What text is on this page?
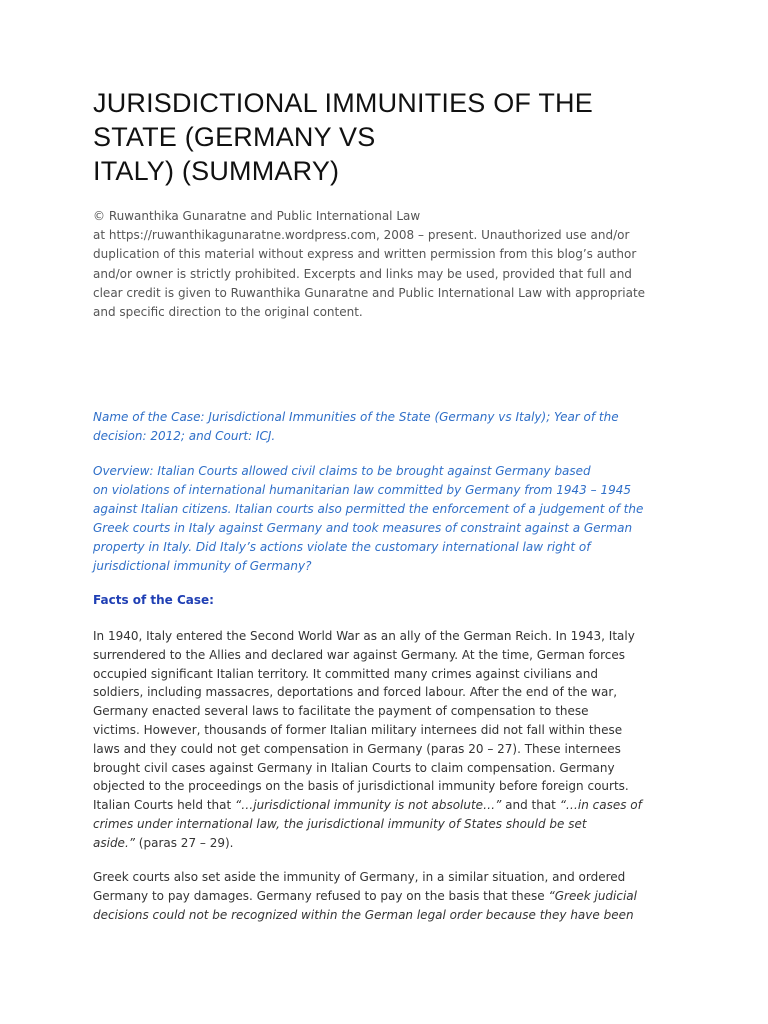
JURISDICTIONAL IMMUNITIES OF THE
STATE (GERMANY VS
ITALY) (SUMMARY)

© Ruwanthika Gunaratne and Public International Law
at https://ruwanthikagunaratne.wordpress.com, 2008 – present. Unauthorized use and/or
duplication of this material without express and written permission from this blog’s author
and/or owner is strictly prohibited. Excerpts and links may be used, provided that full and
clear credit is given to Ruwanthika Gunaratne and Public International Law with appropriate
and specific direction to the original content.

Name of the Case: Jurisdictional Immunities of the State (Germany vs Italy); Year of the
decision: 2012; and Court: ICJ.

Overview: Italian Courts allowed civil claims to be brought against Germany based
on violations of international humanitarian law committed by Germany from 1943 – 1945
against Italian citizens. Italian courts also permitted the enforcement of a judgement of the
Greek courts in Italy against Germany and took measures of constraint against a German
property in Italy. Did Italy’s actions violate the customary international law right of
jurisdictional immunity of Germany?

Facts of the Case:

In 1940, Italy entered the Second World War as an ally of the German Reich. In 1943, Italy
surrendered to the Allies and declared war against Germany. At the time, German forces
occupied significant Italian territory. It committed many crimes against civilians and
soldiers, including massacres, deportations and forced labour. After the end of the war,
Germany enacted several laws to facilitate the payment of compensation to these
victims. However, thousands of former Italian military internees did not fall within these
laws and they could not get compensation in Germany (paras 20 – 27). These internees
brought civil cases against Germany in Italian Courts to claim compensation. Germany
objected to the proceedings on the basis of jurisdictional immunity before foreign courts.
Italian Courts held that “…jurisdictional immunity is not absolute…” and that “…in cases of
crimes under international law, the jurisdictional immunity of States should be set
aside.” (paras 27 – 29).

Greek courts also set aside the immunity of Germany, in a similar situation, and ordered
Germany to pay damages. Germany refused to pay on the basis that these “Greek judicial
decisions could not be recognized within the German legal order because they have been
